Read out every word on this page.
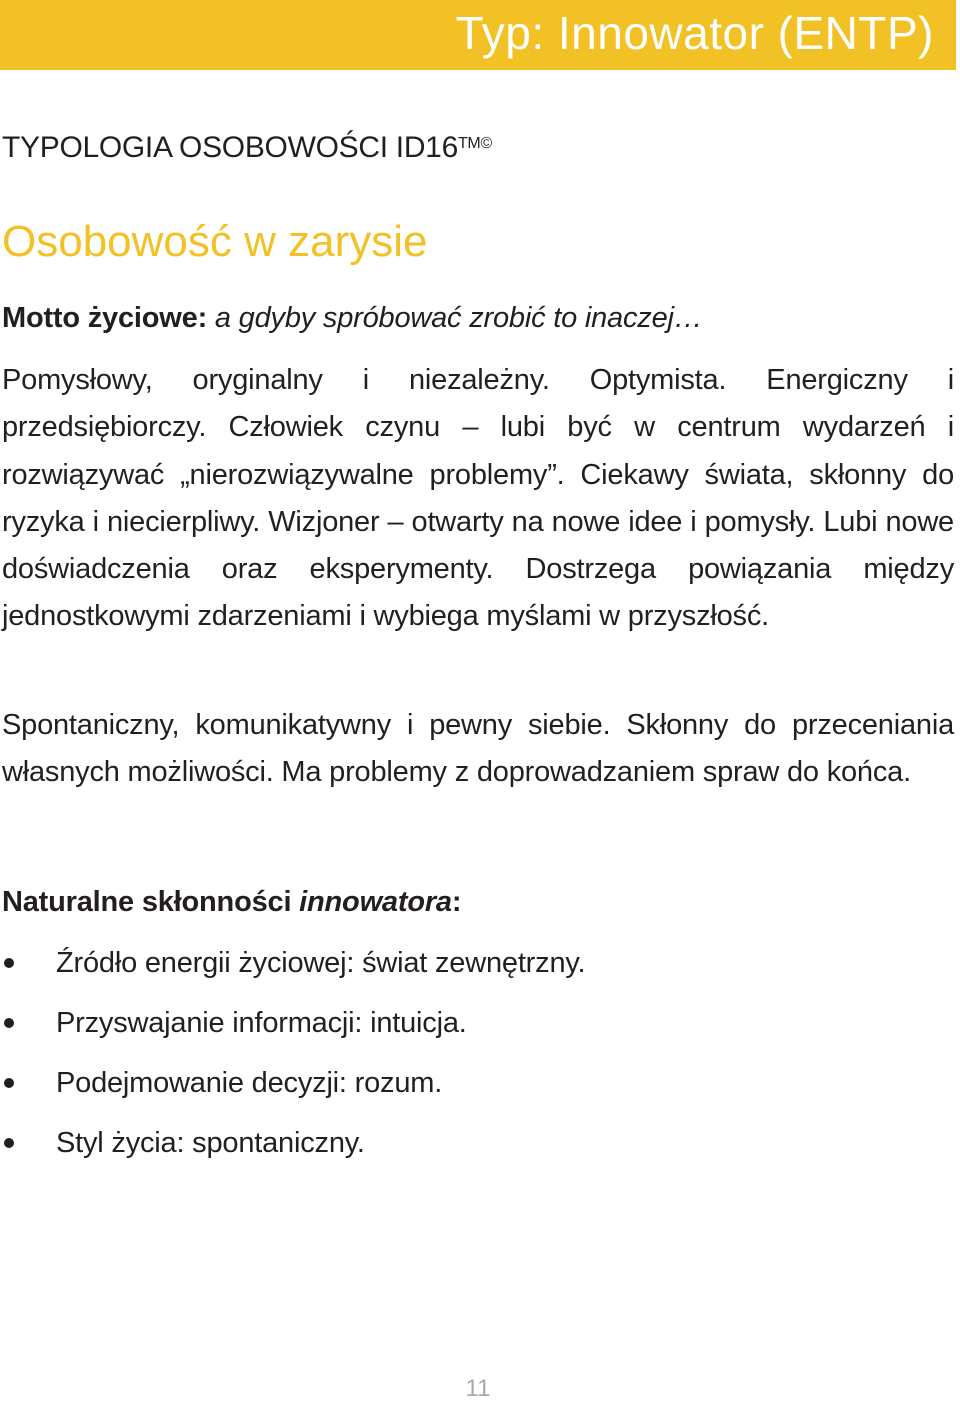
Typ: Innowator (ENTP)
TYPOLOGIA OSOBOWOŚCI $ID16^{TM©}$
Osobowość w zarysie
Motto życiowe: a gdyby spróbować zrobić to inaczej…
Pomysłowy, oryginalny i niezależny. Optymista. Energiczny i przedsiębiorczy. Człowiek czynu – lubi być w centrum wydarzeń i rozwiązywać „nierozwiązywalne problemy”. Ciekawy świata, skłonny do ryzyka i niecierpliwy. Wizjoner – otwarty na nowe idee i pomysły. Lubi nowe doświadczenia oraz eksperymenty. Dostrzega powiązania między jednostkowymi zdarzeniami i wybiega myślami w przyszłość.
Spontaniczny, komunikatywny i pewny siebie. Skłonny do przeceniania własnych możliwości. Ma problemy z doprowadzaniem spraw do końca.
Naturalne skłonności innowatora:
Źródło energii życiowej: świat zewnętrzny.
Przyswajanie informacji: intuicja.
Podejmowanie decyzji: rozum.
Styl życia: spontaniczny.
11
